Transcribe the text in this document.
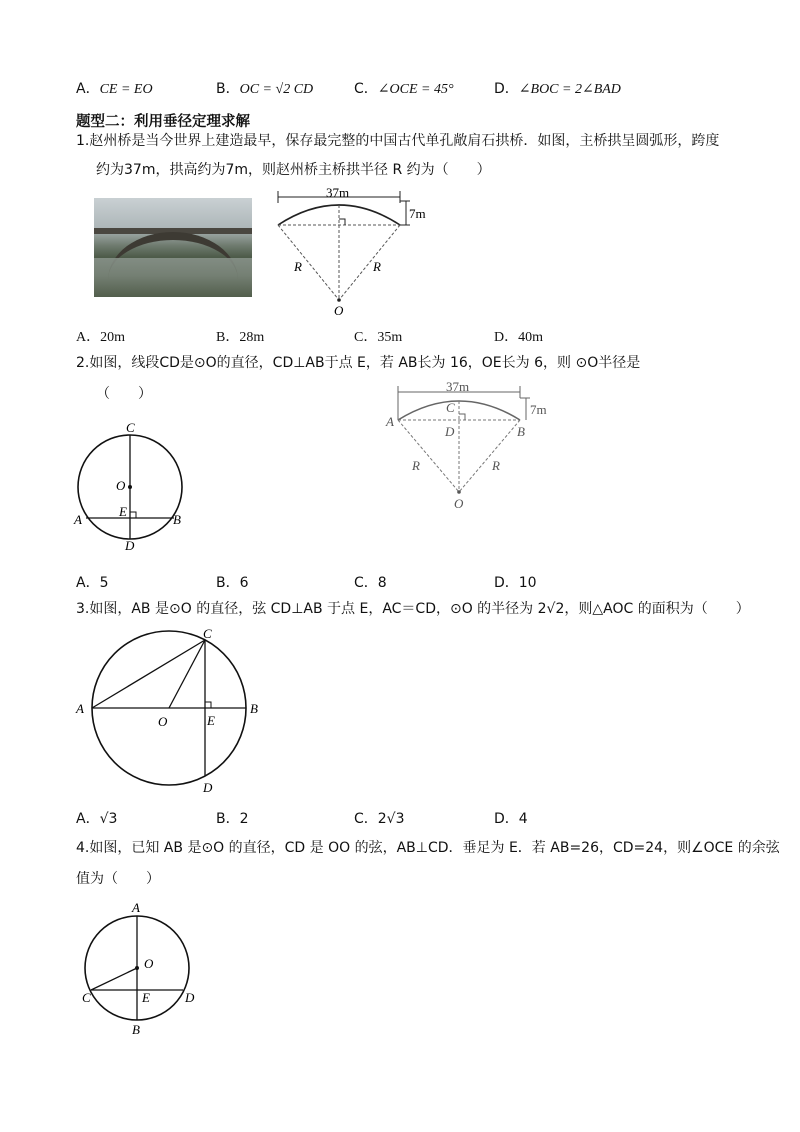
A．CE = EO	B．OC = √2 CD	C．∠OCE = 45°	D．∠BOC = 2∠BAD
题型二：利用垂径定理求解
1.赵州桥是当今世界上建造最早，保存最完整的中国古代单孔敞肩石拱桥．如图，主桥拱呈圆弧形，跨度
约为37m，拱高约为7m，则赵州桥主桥拱半径 R 约为（　　）
37m
7m
R	R
O
A．20m	B．28m	C．35m	D．40m
2.如图，线段CD是⊙O的直径，CD⊥AB于点 E，若 AB长为 16，OE长为 6，则 ⊙O半径是
（　　）
C
O
A
E
B
D
37m
7m
A
B
C
D
R	R
O
A．5	B．6	C．8	D．10
3.如图，AB 是⊙O 的直径，弦 CD⊥AB 于点 E，AC＝CD，⊙O 的半径为 2√2，则△AOC 的面积为（　　）
A	B
C
D
O	E
A．√3	B．2	C．2√3	D．4
4.如图，已知 AB 是⊙O 的直径，CD 是 OO 的弦，AB⊥CD．垂足为 E．若 AB=26，CD=24，则∠OCE 的余弦
值为（　　）
A
O
C	E	D
B
